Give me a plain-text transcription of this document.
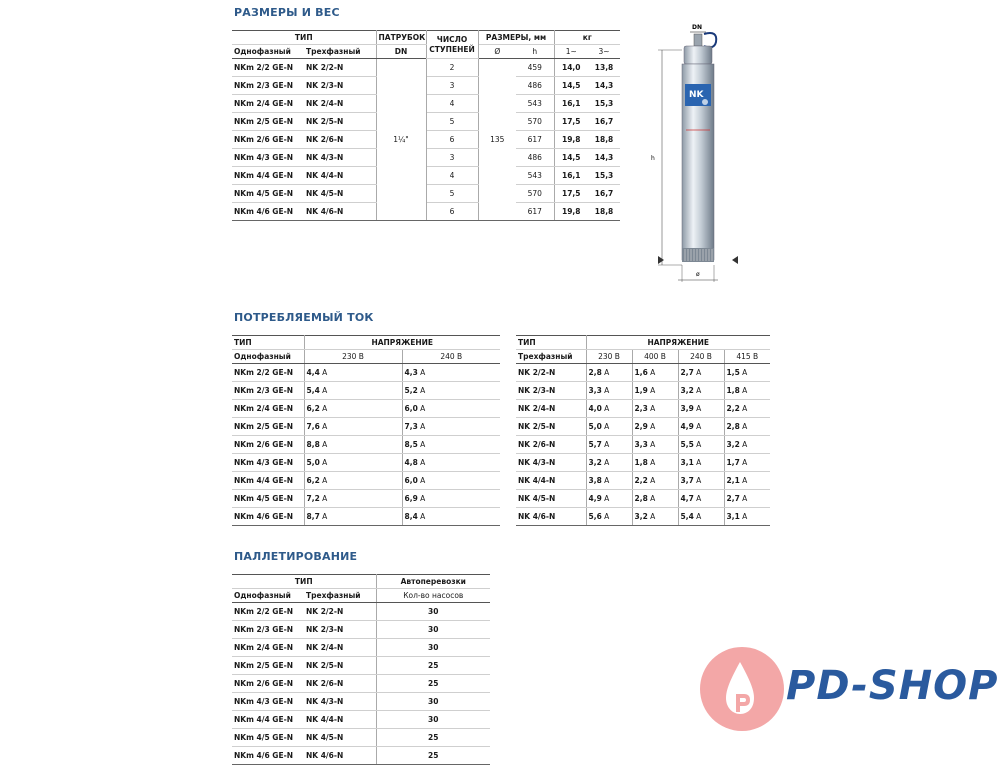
РАЗМЕРЫ И ВЕС
ПОТРЕБЛЯЕМЫЙ ТОК
ПАЛЛЕТИРОВАНИЕ
ТИП		ПАТРУБОК	ЧИСЛО СТУПЕНЕЙ	РАЗМЕРЫ, мм		кг	
Однофазный	Трехфазный	DN		Ø	h	1~	3~
NKm 2/2 GE-N	NK 2/2-N	1¼"	2	135	459	14,0	13,8
NKm 2/3 GE-N	NK 2/3-N		3		486	14,5	14,3
NKm 2/4 GE-N	NK 2/4-N		4		543	16,1	15,3
NKm 2/5 GE-N	NK 2/5-N		5		570	17,5	16,7
NKm 2/6 GE-N	NK 2/6-N		6		617	19,8	18,8
NKm 4/3 GE-N	NK 4/3-N		3		486	14,5	14,3
NKm 4/4 GE-N	NK 4/4-N		4		543	16,1	15,3
NKm 4/5 GE-N	NK 4/5-N		5		570	17,5	16,7
NKm 4/6 GE-N	NK 4/6-N		6		617	19,8	18,8
DN
NK
h
ø
ТИП	НАПРЯЖЕНИЕ	
Однофазный	230 В	240 В
NKm 2/2 GE-N	4,4 A	4,3 A
NKm 2/3 GE-N	5,4 A	5,2 A
NKm 2/4 GE-N	6,2 A	6,0 A
NKm 2/5 GE-N	7,6 A	7,3 A
NKm 2/6 GE-N	8,8 A	8,5 A
NKm 4/3 GE-N	5,0 A	4,8 A
NKm 4/4 GE-N	6,2 A	6,0 A
NKm 4/5 GE-N	7,2 A	6,9 A
NKm 4/6 GE-N	8,7 A	8,4 A
ТИП	НАПРЯЖЕНИЕ			
Трехфазный	230 В	400 В	240 В	415 В
NK 2/2-N	2,8 A	1,6 A	2,7 A	1,5 A
NK 2/3-N	3,3 A	1,9 A	3,2 A	1,8 A
NK 2/4-N	4,0 A	2,3 A	3,9 A	2,2 A
NK 2/5-N	5,0 A	2,9 A	4,9 A	2,8 A
NK 2/6-N	5,7 A	3,3 A	5,5 A	3,2 A
NK 4/3-N	3,2 A	1,8 A	3,1 A	1,7 A
NK 4/4-N	3,8 A	2,2 A	3,7 A	2,1 A
NK 4/5-N	4,9 A	2,8 A	4,7 A	2,7 A
NK 4/6-N	5,6 A	3,2 A	5,4 A	3,1 A
ТИП		Автоперевозки
Однофазный	Трехфазный	Кол-во насосов
NKm 2/2 GE-N	NK 2/2-N	30
NKm 2/3 GE-N	NK 2/3-N	30
NKm 2/4 GE-N	NK 2/4-N	30
NKm 2/5 GE-N	NK 2/5-N	25
NKm 2/6 GE-N	NK 2/6-N	25
NKm 4/3 GE-N	NK 4/3-N	30
NKm 4/4 GE-N	NK 4/4-N	30
NKm 4/5 GE-N	NK 4/5-N	25
NKm 4/6 GE-N	NK 4/6-N	25
PD-SHOP
